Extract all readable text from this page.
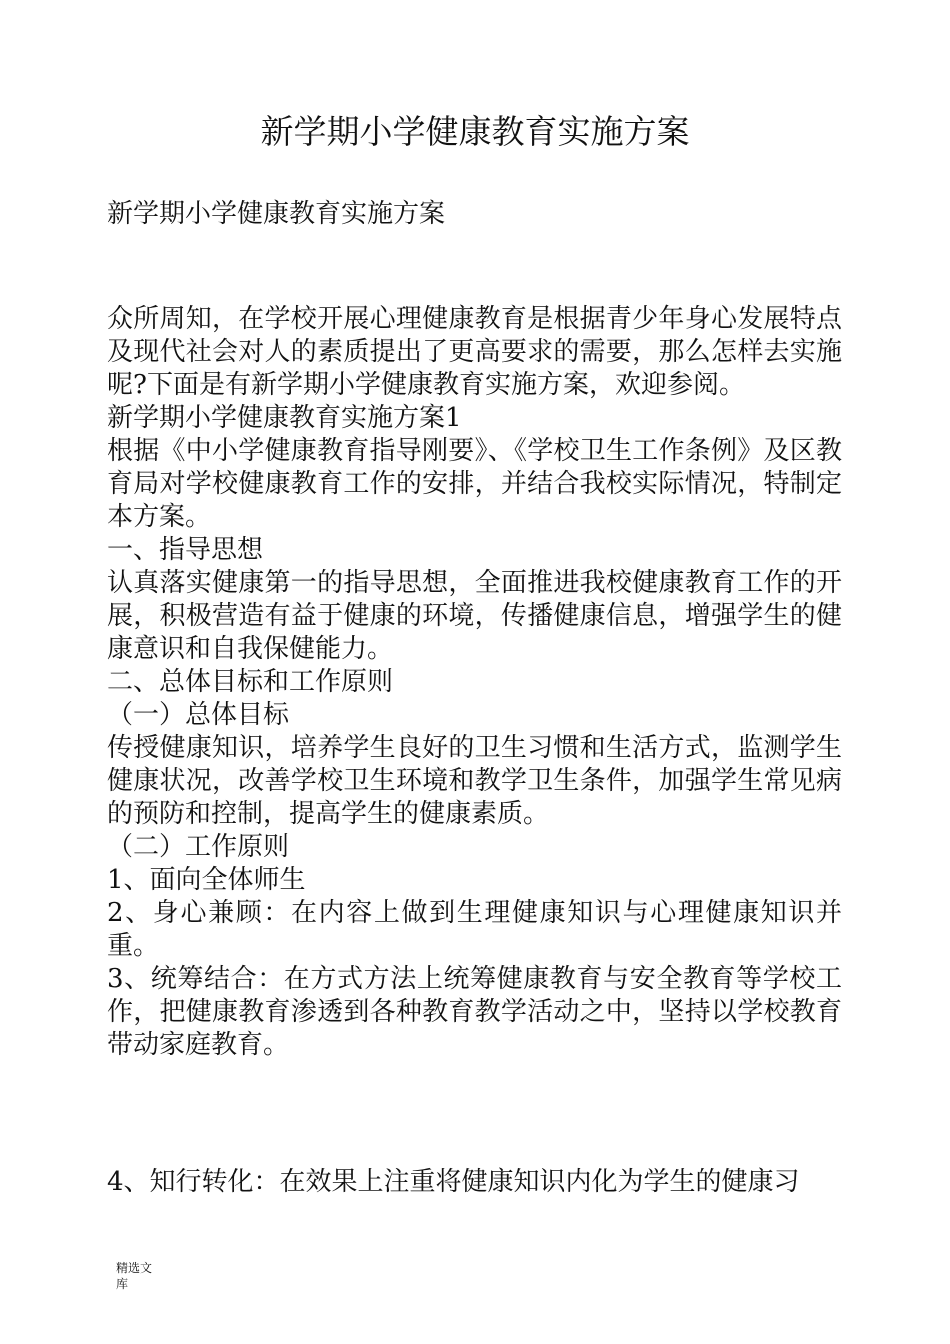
新学期小学健康教育实施方案
新学期小学健康教育实施方案

众所周知，在学校开展心理健康教育是根据青少年身心发展特点及现代社会对人的素质提出了更高要求的需要，那么怎样去实施呢?下面是有新学期小学健康教育实施方案，欢迎参阅。

新学期小学健康教育实施方案1

根据《中小学健康教育指导刚要》、《学校卫生工作条例》及区教育局对学校健康教育工作的安排，并结合我校实际情况，特制定本方案。

一、指导思想

认真落实健康第一的指导思想，全面推进我校健康教育工作的开展，积极营造有益于健康的环境，传播健康信息，增强学生的健康意识和自我保健能力。

二、总体目标和工作原则

（一）总体目标

传授健康知识，培养学生良好的卫生习惯和生活方式，监测学生健康状况，改善学校卫生环境和教学卫生条件，加强学生常见病的预防和控制，提高学生的健康素质。

（二）工作原则

1、面向全体师生

2、身心兼顾：在内容上做到生理健康知识与心理健康知识并重。

3、统筹结合：在方式方法上统筹健康教育与安全教育等学校工作，把健康教育渗透到各种教育教学活动之中，坚持以学校教育带动家庭教育。

4、知行转化：在效果上注重将健康知识内化为学生的健康习

精选文库
